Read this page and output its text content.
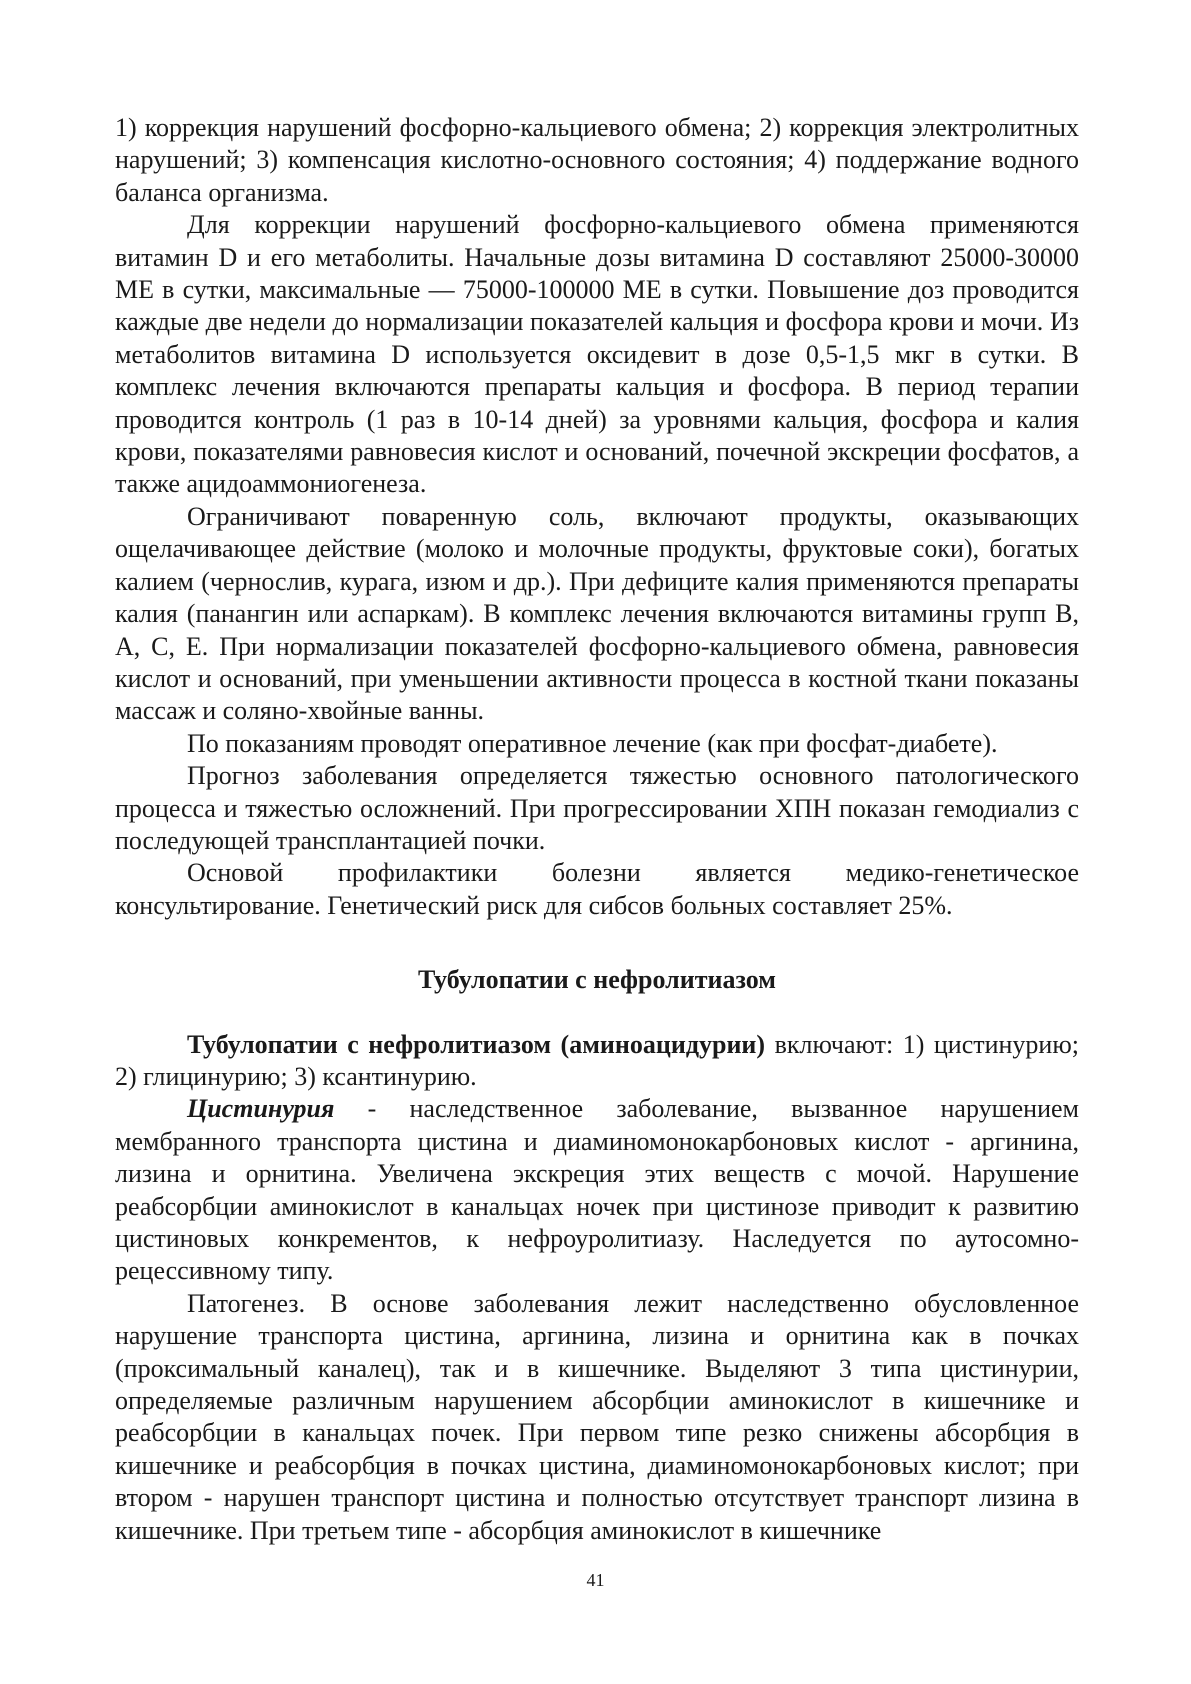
1) коррекция нарушений фосфорно-кальциевого обмена; 2) коррекция электролитных нарушений; 3) компенсация кислотно-основного состояния; 4) поддержание водного баланса организма.

Для коррекции нарушений фосфорно-кальциевого обмена применяются витамин D и его метаболиты. Начальные дозы витамина D составляют 25000-30000 МЕ в сутки, максимальные — 75000-100000 МЕ в сутки. Повышение доз проводится каждые две недели до нормализации показателей кальция и фосфора крови и мочи. Из метаболитов витамина D используется оксидевит в дозе 0,5-1,5 мкг в сутки. В комплекс лечения включаются препараты кальция и фосфора. В период терапии проводится контроль (1 раз в 10-14 дней) за уровнями кальция, фосфора и калия крови, показателями равновесия кислот и оснований, почечной экскреции фосфатов, а также ацидоаммониогенеза.

Ограничивают поваренную соль, включают продукты, оказывающих ощелачивающее действие (молоко и молочные продукты, фруктовые соки), богатых калием (чернослив, курага, изюм и др.). При дефиците калия применяются препараты калия (панангин или аспаркам). В комплекс лечения включаются витамины групп В, А, С, Е. При нормализации показателей фосфорно-кальциевого обмена, равновесия кислот и оснований, при уменьшении активности процесса в костной ткани показаны массаж и соляно-хвойные ванны.

По показаниям проводят оперативное лечение (как при фосфат-диабете).

Прогноз заболевания определяется тяжестью основного патологического процесса и тяжестью осложнений. При прогрессировании ХПН показан гемодиализ с последующей трансплантацией почки.

Основой профилактики болезни является медико-генетическое консультирование. Генетический риск для сибсов больных составляет 25%.

Тубулопатии с нефролитиазом

Тубулопатии с нефролитиазом (аминоацидурии) включают: 1) цистинурию; 2) глицинурию; 3) ксантинурию.

Цистинурия - наследственное заболевание, вызванное нарушением мембранного транспорта цистина и диаминомонокарбоновых кислот - аргинина, лизина и орнитина. Увеличена экскреция этих веществ с мочой. Нарушение реабсорбции аминокислот в канальцах ночек при цистинозе приводит к развитию цистиновых конкрементов, к нефроуролитиазу. Наследуется по аутосомно-рецессивному типу.

Патогенез. В основе заболевания лежит наследственно обусловленное нарушение транспорта цистина, аргинина, лизина и орнитина как в почках (проксимальный каналец), так и в кишечнике. Выделяют 3 типа цистинурии, определяемые различным нарушением абсорбции аминокислот в кишечнике и реабсорбции в канальцах почек. При первом типе резко снижены абсорбция в кишечнике и реабсорбция в почках цистина, диаминомонокарбоновых кислот; при втором - нарушен транспорт цистина и полностью отсутствует транспорт лизина в кишечнике. При третьем типе - абсорбция аминокислот в кишечнике

41
